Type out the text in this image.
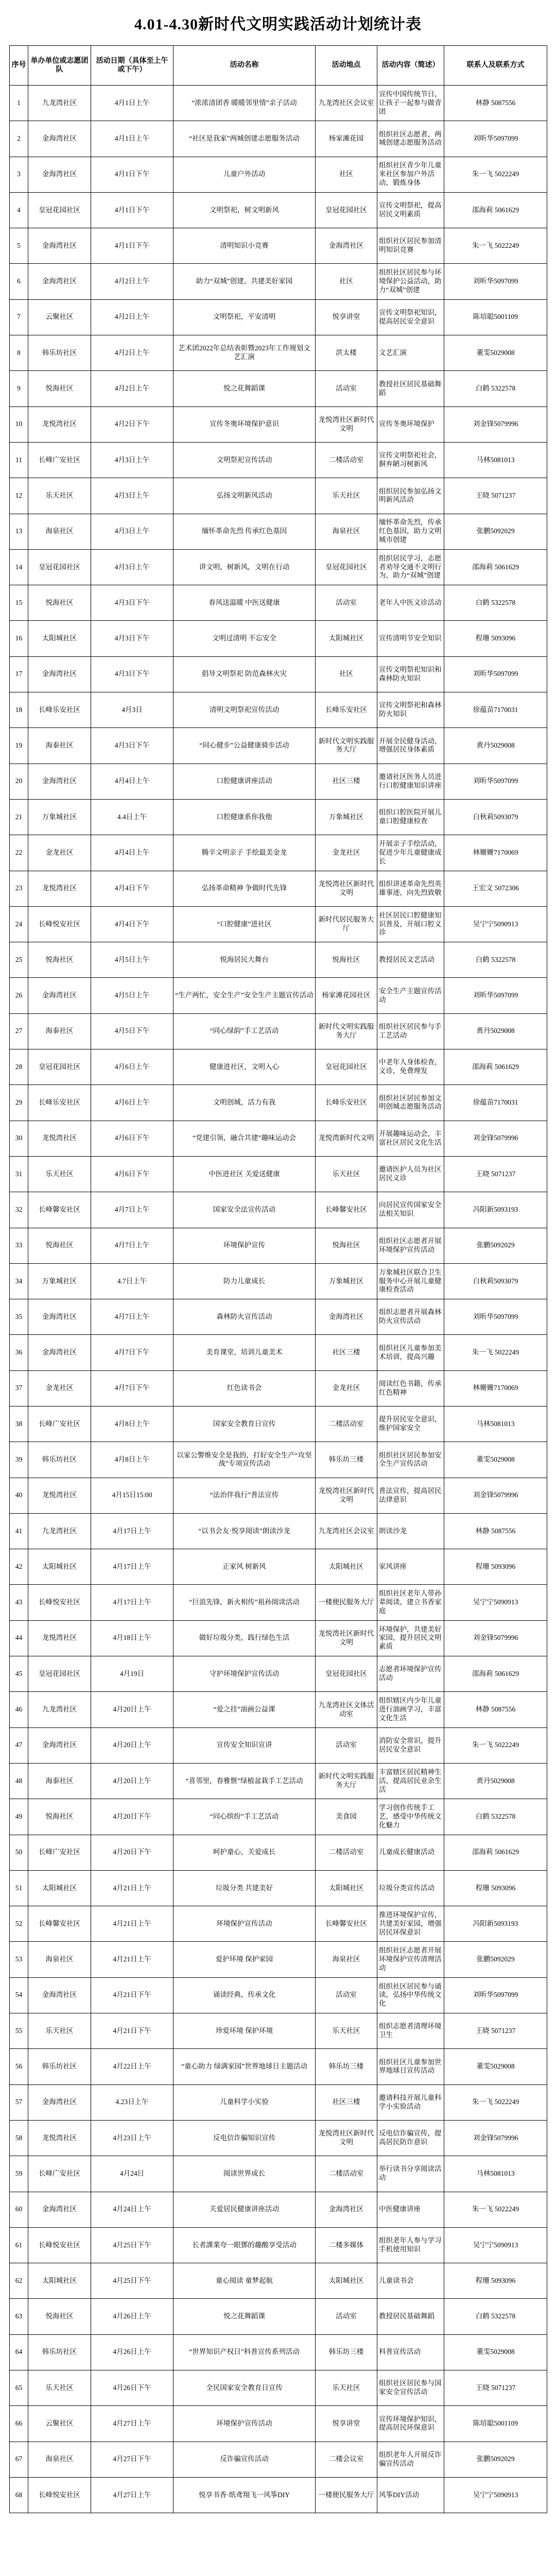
4.01-4.30新时代文明实践活动计划统计表
序号	单办单位或志愿团队	活动日期（具体至上午或下午）	活动名称	活动地点	活动内容（简述）	联系人及联系方式
1	九龙湾社区	4月1日上午	“浓浓清团香 暖暖邻里情”亲子活动	九龙湾社区会议室	宣传中国传统节日，让孩子一起参与做青团	林静 5087556
2	金海湾社区	4月1日上午	“社区是我家”两城创建志愿服务活动	杨家滩花园	组织社区志愿者，两城创建志愿服务活动	刘昕华5097099
3	金海湾社区	4月1日下午	儿童户外活动	社区	组织社区青少年儿童来社区参加户外活动，锻炼身体	朱一飞 5022249
4	皇冠花园社区	4月1日下午	文明祭祀，树文明新风	皇冠花园社区	宣传文明祭祀，提高居民文明素质	邵海莉 5061629
5	金海湾社区	4月1日下午	清明知识小竞赛	金海湾社区	组织社区居民参加清明知识竞赛	朱一飞 5022249
6	金海湾社区	4月2日上午	助力“双城”创建，共建美好家园	社区	组织社区居民参与环境保护公益活动，助力“双城”创建	刘昕华5097099
7	云聚社区	4月2日上午	文明祭祀，平安清明	悦享讲堂	宣传文明祭祀知识，提高居民安全意识	陈培聪5001109
8	韩乐坊社区	4月2日上午	艺术团2022年总结表彰暨2023年工作规划文艺汇演	洪太楼	文艺汇演	董雯5029008
9	悦海社区	4月2日上午	悦之花舞蹈课	活动室	教授社区居民基础舞蹈	白鹤 5322578
10	龙悦湾社区	4月2日下午	宣传冬奥环境保护意识	龙悦湾社区新时代文明	宣传冬奥环境保护	刘金锋5079996
11	长峰广安社区	4月3日上午	文明祭祀宣传活动	二楼活动室	宣传文明祭祀社会，摒弃陋习树新风	马林5081013
12	乐天社区	4月3日上午	弘扬文明新风活动	乐天社区	组织居民参加弘扬文明新风活动	王晓 5071237
13	海泉社区	4月3日上午	缅怀革命先烈 传承红色基因	海泉社区	缅怀革命先烈，传承红色基因，助力文明城市创建	张鹏5092029
14	皇冠花园社区	4月3日上午	讲文明，树新风，文明在行动	皇冠花园社区	组织居民学习，志愿者劝导交通不文明行为，助力“双城”创建	邵海莉 5061629
15	悦海社区	4月3日下午	春风送温暖 中医送健康	活动室	老年人中医义诊活动	白鹤 5322578
16	太阳城社区	4月3日下午	文明过清明 不忘安全	太阳城社区	宣传清明节安全知识	程珊 5093096
17	金海湾社区	4月3日下午	倡导文明祭祀 防范森林火灾	社区	宣传文明祭祀知识和森林防火知识	刘昕华5097099
18	长峰乐安社区	4月3日	清明文明祭祀宣传活动	长峰乐安社区	宣传文明祭祀和森林防火知识	徐蕴苗7170031
19	海泰社区	4月3日下午	“同心健步”公益健康骑步活动	新时代文明实践服务大厅	开展全民健身活动，增强居民身体素质	黄丹5029008
20	金海湾社区	4月4日上午	口腔健康讲座活动	社区三楼	邀请社区医务人员进行口腔健康知识讲座	刘昕华5097099
21	万象城社区	4.4日上午	口腔健康系你我他	万象城社区	组织口腔医院开展儿童口腔健康检查	白秋莉5093079
22	金龙社区	4月4日上午	腾辛文明亲子 手绘最美金龙	金龙社区	开展亲子手绘活动，促进少年儿童健康成长	林姗姗7170069
23	龙悦湾社区	4月4日下午	弘扬革命精神 争做时代先锋	龙悦湾社区新时代文明	组织讲述革命先烈英雄事迹，向先烈致敬	王宏文 5072306
24	长峰悦安社区	4月4日下午	“口腔健康”进社区	新时代居民服务大厅	社区居民口腔健康知识普及，开展口腔义诊	吴宁宁5090913
25	悦海社区	4月5日上午	悦海居民大舞台	悦海社区	教授居民文艺活动	白鹤 5322578
26	金海湾社区	4月5日上午	“生产两忙，安全生产”安全生产主题宣传活动	杨家滩花园社区	安全生产主题宣传活动	刘昕华5097099
27	海泰社区	4月5日下午	“同心绿韵”手工艺活动	新时代文明实践服务大厅	组织社区居民参与手工艺活动	黄丹5029008
28	皇冠花园社区	4月6日上午	健康进社区，文明入心	皇冠花园社区	中老年人身体检查，义诊，免费理发	邵海莉 5061629
29	长峰乐安社区	4月6日上午	文明创城，活力有我	长峰乐安社区	组织社区居民参加文明创城志愿服务活动	徐蕴苗7170031
30	龙悦湾社区	4月6日下午	“党建引领，融合共建”趣味运动会	龙悦湾新时代文明	开展趣味运动会，丰富社区居民文化生活	刘金锋5079996
31	乐天社区	4月6日下午	中医进社区 关爱送健康	乐天社区	邀请医护人员为社区居民义诊	王晓 5071237
32	长峰馨安社区	4月7日上午	国家安全法宣传活动	长峰馨安社区	向居民宣传国家安全法相关知识	冯阳新5093193
33	悦海社区	4月7日上午	环境保护宣传	悦海社区	组织社区志愿者开展环境保护宣传活动	张鹏5092029
34	万象城社区	4.7日上午	防力儿童成长	万象城社区	万象城社区联合卫生服务中心开展儿童健康检查活动	白秋莉5093079
35	金海湾社区	4月7日上午	森林防火宣传活动	金海湾社区	组织志愿者开展森林防火宣传活动	刘昕华5097099
36	金海湾社区	4月7日下午	美育课堂，培训儿童美术	社区三楼	组织社区儿童参加美术培训，提高兴趣	朱一飞 5022249
37	金龙社区	4月7日下午	红色读书会	金龙社区	阅读红色书籍，传承红色精神	林姗姗7170069
38	长峰广安社区	4月8日上午	国家安全教育日宣传	二楼活动室	提升居民安全意识，维护国家安全	马林5081013
39	韩乐坊社区	4月8日上午	以家公警维安全是我的，打好安全生产“攻坚战”专项宣传活动	韩乐坊三楼	组织社区居民参加安全生产宣传活动	董雯5029008
40	龙悦湾社区	4月15日15:00	“法治伴我行”普法宣传	龙悦湾社区新时代文明	普法宣传，提高居民法律意识	刘金锋5079996
41	九龙湾社区	4月17日上午	“以书会友·悦享阅读”朗读沙龙	九龙湾社区会议室	朗读沙龙	林静 5087556
42	太阳城社区	4月17日上午	正家风 树新风	太阳城社区	家风讲座	程珊 5093096
43	长峰悦安社区	4月17日上午	“巨浪先锋，新火相传”祖孙阅读活动	一楼便民服务大厅	组织社区老年人带孙辈阅读，建立书香家庭	吴宁宁5090913
44	龙悦湾社区	4月18日上午	做好垃圾分类，践行绿色生活	龙悦湾社区新时代文明	环境保护，共建美好家园，提升居民文明素质	刘金锋5079996
45	皇冠花园社区	4月19日	守护环境保护宣传活动	皇冠花园社区	志愿者环境保护宣传活动	邵海莉 5061629
46	九龙湾社区	4月20日上午	“爱之挂”油画公益课	九龙湾社区文体活动室	组织辖区内少年儿童进行油画学习，丰富文化生活	林静 5087556
47	金海湾社区	4月20日上午	宣传安全知识宣讲	活动室	消防安全常识，提升居民安全意识	朱一飞 5022249
48	海泰社区	4月20日上午	“喜邻里，春雅惬”绿植盆栽手工艺活动	新时代文明实践服务大厅	丰富辖区居民精神生活，提高居民业余生活	黄丹5029008
49	悦海社区	4月20日下午	“同心缤纷”手工艺活动	美食园	学习创作传统手工艺，感受中华传统文化魅力	白鹤 5322578
50	长峰广安社区	4月20日下午	呵护童心，关爱成长	二楼活动室	儿童成长健康活动	邵海莉 5061629
51	太阳城社区	4月21日上午	垃圾分类 共建美好	太阳城社区	垃圾分类宣传活动	程珊 5093096
52	长峰馨安社区	4月21日上午	环境保护宣传活动	长峰馨安社区	推进环境保护宣传，共建美好家园，增强居民环保意识	冯阳新5093193
53	海泉社区	4月21日上午	爱护环境 保护家园	海泉社区	组织社区志愿者开展环境保护宣传清理活动	张鹏5092029
54	金海湾社区	4月21日下午	诵读经典，传承文化	活动室	组织社区居民参与诵读，弘扬中华传统文化	刘昕华5097099
55	乐天社区	4月21日下午	珍爱环境 保护环境	乐天社区	组织志愿者清理环境卫生	王晓 5071237
56	韩乐坊社区	4月22日上午	“童心助力 绿满家园”世界地球日主题活动	韩乐坊三楼	组织社区儿童参加世界地球日宣传活动	董雯5029008
57	金海湾社区	4.23日上午	儿童科学小实验	社区三楼	邀请科技开展儿童科学小实验活动	朱一飞 5022249
58	龙悦湾社区	4月23日上午	反电信诈骗知识宣传	龙悦湾社区新时代文明	反电信诈骗宣传，提高居民防诈意识	刘金锋5079996
59	长峰广安社区	4月24日	阅读世界成长	二楼活动室	举行读书分享阅读活动	马林5081013
60	金海湾社区	4月24日上午	关爱居民健康讲座活动	金海湾社区	中医健康讲座	朱一飞 5022249
61	长峰悦安社区	4月25日下午	长者課業夸一眼鄧的趣酸享受活动	二楼多媒体	组织老年人参与学习手机使用知识	吴宁宁5090913
62	太阳城社区	4月25日下午	童心阅读 童梦起航	太阳城社区	儿童读书会	程珊 5093096
63	悦海社区	4月26日上午	悦之花舞蹈课	活动室	教授居民基础舞蹈	白鹤 5322578
64	韩乐坊社区	4月26日上午	“世界知识产权日”科普宣传系列活动	韩乐坊三楼	科普宣传活动	董雯5029008
65	乐天社区	4月26日下午	全民国家安全教育日宣传	乐天社区	组织社区居民参与国家安全宣传活动	王晓 5071237
66	云聚社区	4月27日上午	环境保护宣传活动	悦享讲堂	宣传环境保护知识，提高居民环保意识	陈培聪5001109
67	海泉社区	4月27日下午	反诈骗宣传活动	二楼会议室	组织老年人开展反诈骗宣传活动	张鹏5092029
68	长峰悦安社区	4月27日上午	悦享书香·纸鸢翔飞一风筝DIY	一楼便民服务大厅	风筝DIY活动	吴宁宁5090913
